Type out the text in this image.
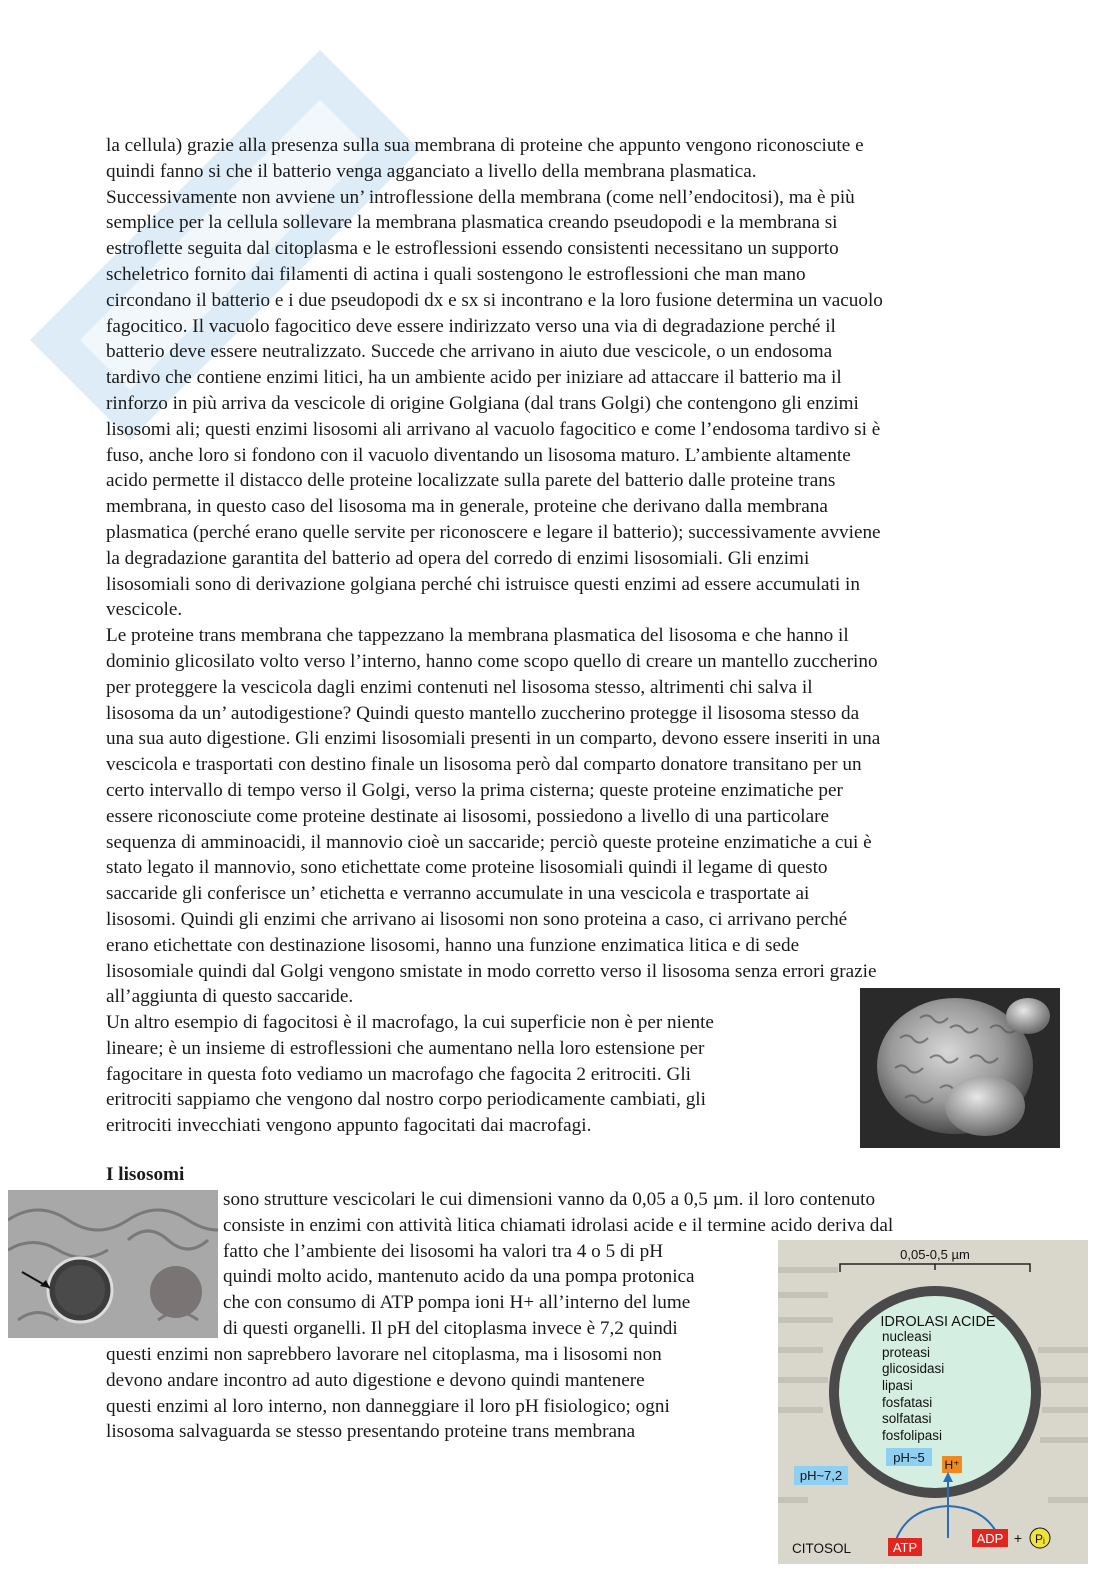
la cellula) grazie alla presenza sulla sua membrana di proteine che appunto vengono riconosciute e
quindi fanno si che il batterio venga agganciato a livello della membrana plasmatica.
Successivamente non avviene un’ introflessione della membrana (come nell’endocitosi), ma è più
semplice per la cellula sollevare la membrana plasmatica creando pseudopodi e la membrana si
estroflette seguita dal citoplasma e le estroflessioni essendo consistenti necessitano un supporto
scheletrico fornito dai filamenti di actina i quali sostengono le estroflessioni che man mano
circondano il batterio e i due pseudopodi dx e sx si incontrano e la loro fusione determina un vacuolo
fagocitico. Il vacuolo fagocitico deve essere indirizzato verso una via di degradazione perché il
batterio deve essere neutralizzato. Succede che arrivano in aiuto due vescicole, o un endosoma
tardivo che contiene enzimi litici, ha un ambiente acido per iniziare ad attaccare il batterio ma il
rinforzo in più arriva da vescicole di origine Golgiana (dal trans Golgi) che contengono gli enzimi
lisosomi ali; questi enzimi lisosomi ali arrivano al vacuolo fagocitico e come l’endosoma tardivo si è
fuso, anche loro si fondono con il vacuolo diventando un lisosoma maturo. L’ambiente altamente
acido permette il distacco delle proteine localizzate sulla parete del batterio dalle proteine trans
membrana, in questo caso del lisosoma ma in generale, proteine che derivano dalla membrana
plasmatica (perché erano quelle servite per riconoscere e legare il batterio); successivamente avviene
la degradazione garantita del batterio ad opera del corredo di enzimi lisosomiali. Gli enzimi
lisosomiali sono di derivazione golgiana perché chi istruisce questi enzimi ad essere accumulati in
vescicole.
Le proteine trans membrana che tappezzano la membrana plasmatica del lisosoma e che hanno il
dominio glicosilato volto verso l’interno, hanno come scopo quello di creare un mantello zuccherino
per proteggere la vescicola dagli enzimi contenuti nel lisosoma stesso, altrimenti chi salva il
lisosoma da un’ autodigestione? Quindi questo mantello zuccherino protegge il lisosoma stesso da
una sua auto digestione. Gli enzimi lisosomiali presenti in un comparto, devono essere inseriti in una
vescicola e trasportati con destino finale un lisosoma però dal comparto donatore transitano per un
certo intervallo di tempo verso il Golgi, verso la prima cisterna; queste proteine enzimatiche per
essere riconosciute come proteine destinate ai lisosomi, possiedono a livello di una particolare
sequenza di amminoacidi, il mannovio cioè un saccaride; perciò queste proteine enzimatiche a cui è
stato legato il mannovio, sono etichettate come proteine lisosomiali quindi il legame di questo
saccaride gli conferisce un’ etichetta e verranno accumulate in una vescicola e trasportate ai
lisosomi. Quindi gli enzimi che arrivano ai lisosomi non sono proteina a caso, ci arrivano perché
erano etichettate con destinazione lisosomi, hanno una funzione enzimatica litica e di sede
lisosomiale quindi dal Golgi vengono smistate in modo corretto verso il lisosoma senza errori grazie
all’aggiunta di questo saccaride.
Un altro esempio di fagocitosi è il macrofago, la cui superficie non è per niente
lineare; è un insieme di estroflessioni che aumentano nella loro estensione per
fagocitare in questa foto vediamo un macrofago che fagocita 2 eritrociti. Gli
eritrociti sappiamo che vengono dal nostro corpo periodicamente cambiati, gli
eritrociti invecchiati vengono appunto fagocitati dai macrofagi.
I lisosomi
sono strutture vescicolari le cui dimensioni vanno da 0,05 a 0,5 µm. il loro contenuto
consiste in enzimi con attività litica chiamati idrolasi acide e il termine acido deriva dal
fatto che l’ambiente dei lisosomi ha valori tra 4 o 5 di pH
quindi molto acido, mantenuto acido da una pompa protonica
che con consumo di ATP pompa ioni H+ all’interno del lume
di questi organelli. Il pH del citoplasma invece è 7,2 quindi
questi enzimi non saprebbero lavorare nel citoplasma, ma i lisosomi non
devono andare incontro ad auto digestione e devono quindi mantenere
questi enzimi al loro interno, non danneggiare il loro pH fisiologico; ogni
lisosoma salvaguarda se stesso presentando proteine trans membrana
0,05-0,5 µm
IDROLASI ACIDE
nucleasi
proteasi
glicosidasi
lipasi
fosfatasi
solfatasi
fosfolipasi
pH~5 H⁺
pH~7,2
CITOSOL	ATP
ADP + Pᵢ
